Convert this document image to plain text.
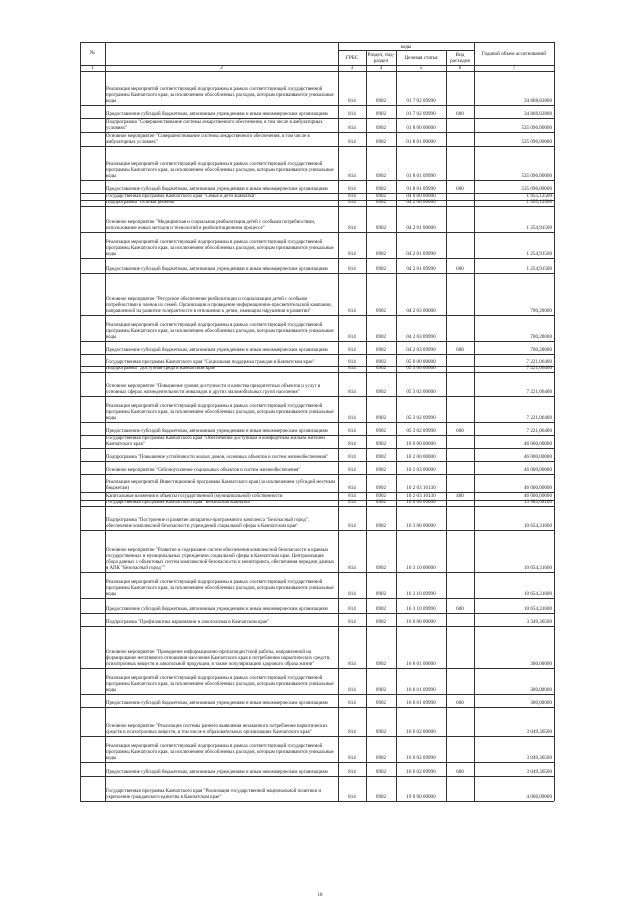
№
коды
ГРБС	Раздел, под-раздел	Целевая статья	Вид расходов
Годовой объем ассигнований
1	2	3	4	5	6	7
Реализация мероприятий соответствующей подпрограммы в рамках соответствующей государственной программы Камчатского края, за исключением обособленных расходов, которым присваиваются уникальные коды	814	0902	01 7 02 09990	34 868,82800
Предоставление субсидий бюджетным, автономным учреждениям и иным некоммерческим организациям	814	0902	01 7 02 09990	600	34 868,82800
Подпрограмма "Совершенствование системы лекарственного обеспечения, в том числе в амбулаторных условиях"	814	0902	01 8 00 00000	535 096,00000
Основное мероприятие "Совершенствование системы лекарственного обеспечения, в том числе в амбулаторных условиях"	814	0902	01 8 01 00000	535 096,00000
Реализация мероприятий соответствующей подпрограммы в рамках соответствующей государственной программы Камчатского края, за исключением обособленных расходов, которым присваиваются уникальные коды	814	0902	01 8 01 09990	535 096,00000
Предоставление субсидий бюджетным, автономным учреждениям и иным некоммерческим организациям	814	0902	01 8 01 09990	600	535 096,00000
Государственная программа Камчатского края "Семья и дети Камчатки"	814	0902	04 0 00 00000	1 955,12500
Подпрограмма "Особый ребенок"	814	0902	04 2 00 00000	1 955,12500
Основное мероприятие "Медицинская и социальная реабилитация детей с особыми потребностями, использование новых методов и технологий в реабилитационном процессе"	814	0902	04 2 01 00000	1 254,91500
Реализация мероприятий соответствующей подпрограммы в рамках соответствующей государственной программы Камчатского края, за исключением обособленных расходов, которым присваиваются уникальные коды	814	0902	04 2 01 09990	1 254,91500
Предоставление субсидий бюджетным, автономным учреждениям и иным некоммерческим организациям	814	0902	04 2 01 09990	600	1 254,91500
Основное мероприятие "Ресурсное обеспечение реабилитации и социализации детей с особыми потребностями в членов их семей. Организация и проведение информационно-просветительской кампании, направленной на развитие толерантности в отношении к детям, имеющим нарушения в развитии"	814	0902	04 2 03 00000	700,20000
Реализация мероприятий соответствующей подпрограммы в рамках соответствующей государственной программы Камчатского края, за исключением обособленных расходов, которым присваиваются уникальные коды	814	0902	04 2 03 09990	700,20000
Предоставление субсидий бюджетным, автономным учреждениям и иным некоммерческим организациям	814	0902	04 2 03 09990	600	700,20000
Государственная программа Камчатского края "Социальная поддержка граждан в Камчатском крае"	814	0902	05 0 00 00000	7 221,06400
Подпрограмма "Доступная среда в Камчатском крае"	814	0902	05 3 00 00000	7 221,06400
Основное мероприятие "Повышение уровня доступности и качества приоритетных объектов и услуг в основных сферах жизнедеятельности инвалидов и других маломобильных групп населения"	814	0902	05 3 02 00000	7 221,06400
Реализация мероприятий соответствующей подпрограммы в рамках соответствующей государственной программы Камчатского края, за исключением обособленных расходов, которым присваиваются уникальные коды	814	0902	05 3 02 09990	7 221,06400
Предоставление субсидий бюджетным, автономным учреждениям и иным некоммерческим организациям	814	0902	05 3 02 09990	600	7 221,06400
Государственная программа Камчатского края "Обеспечение доступным и комфортным жильем жителей Камчатского края"	814	0902	10 0 00 00000	46 000,00000
Подпрограмма "Повышение устойчивости жилых домов, основных объектов и систем жизнеобеспечения"	814	0902	10 2 00 00000	46 000,00000
Основное мероприятие "Сейсмоусиление социальных объектов и систем жизнеобеспечения"	814	0902	10 2 03 00000	46 000,00000
Реализация мероприятий Инвестиционной программы Камчатского края (за исключением субсидий местным бюджетам)	814	0902	10 2 03 10130	46 000,00000
Капитальные вложения в объекты государственной (муниципальной) собственности	814	0902	10 2 03 10130	400	46 000,00000
Государственная программа Камчатского края "Безопасная Камчатка"	814	0902	16 0 00 00000	13 983,68100
Подпрограмма "Построение и развитие аппаратно-программного комплекса "Безопасный город", обеспечение комплексной безопасности учреждений социальной сферы в Камчатском крае"	814	0902	16 3 00 00000	10 654,31600
Основное мероприятие "Развитие и содержание систем обеспечения комплексной безопасности в краевых государственных и муниципальных учреждениях социальной сферы в Камчатском крае. Централизация сбора данных с объектовых систем комплексной безопасности и мониторинга, обеспечения передачи данных в АПК "Безопасный город""	814	0902	16 3 10 00000	10 654,31600
Реализация мероприятий соответствующей подпрограммы в рамках соответствующей государственной программы Камчатского края, за исключением обособленных расходов, которым присваиваются уникальные коды	814	0902	16 3 10 09990	10 654,31600
Предоставление субсидий бюджетным, автономным учреждениям и иным некоммерческим организациям	814	0902	16 3 10 09990	600	10 654,31600
Подпрограмма "Профилактика наркомании и алкоголизма в Камчатском крае"	814	0902	16 6 00 00000	3 349,36500
Основное мероприятие "Проведение информационно-пропагандистской работы, направленной на формирование негативного отношения населения Камчатского края к потреблению наркотических средств, психотропных веществ и алкогольной продукции, в также популяризацию здорового образа жизни"	814	0902	16 6 01 00000	300,00000
Реализация мероприятий соответствующей подпрограммы в рамках соответствующей государственной программы Камчатского края, за исключением обособленных расходов, которым присваиваются уникальные коды	814	0902	16 6 01 09990	300,00000
Предоставление субсидий бюджетным, автономным учреждениям и иным некоммерческим организациям	814	0902	16 6 01 09990	600	300,00000
Основное мероприятие "Реализация системы раннего выявления незаконного потребления наркотических средств и психотропных веществ, в том числе в образовательных организациях Камчатского края"	814	0902	16 6 02 00000	3 049,36500
Реализация мероприятий соответствующей подпрограммы в рамках соответствующей государственной программы Камчатского края, за исключением обособленных расходов, которым присваиваются уникальные коды	814	0902	16 6 02 09990	3 049,36500
Предоставление субсидий бюджетным, автономным учреждениям и иным некоммерческим организациям	814	0902	16 6 02 09990	600	3 049,36500
Государственная программа Камчатского края "Реализация государственной национальной политики и укрепление гражданского единства в Камчатском крае"	814	0902	19 0 00 00000	4 066,09000
18
